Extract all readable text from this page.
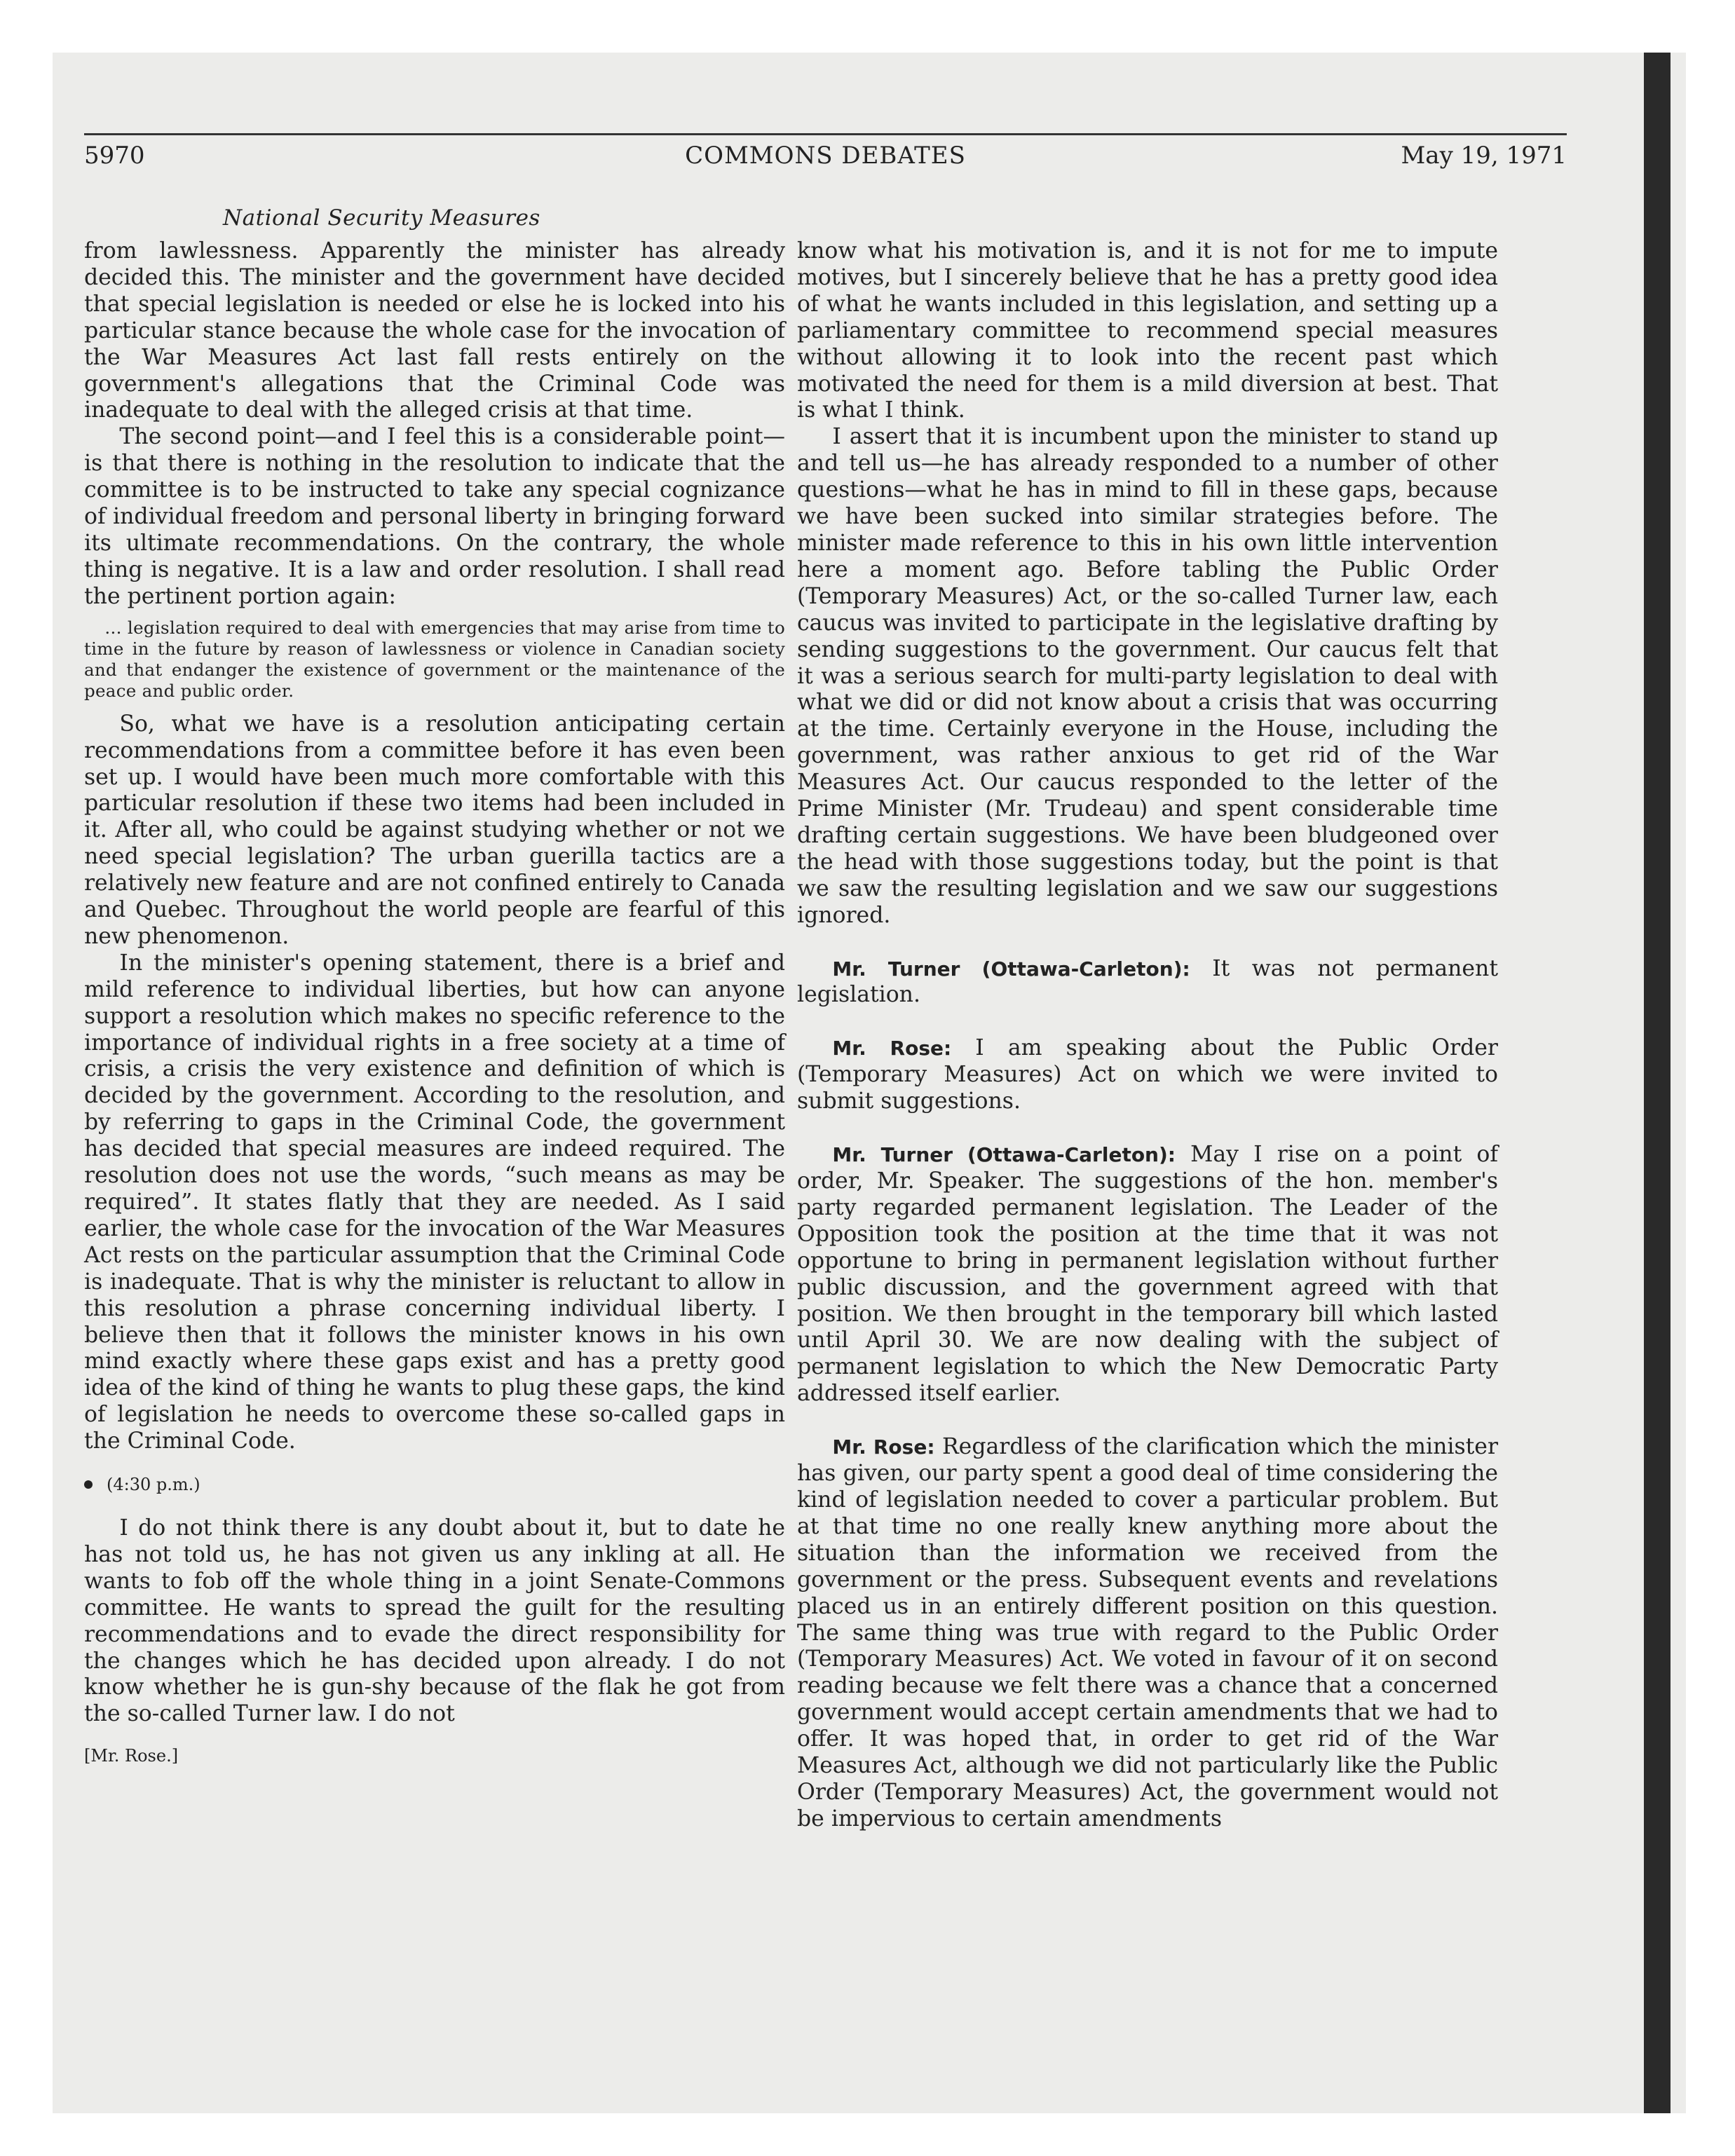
5970	COMMONS DEBATES	May 19, 1971
National Security Measures

from lawlessness. Apparently the minister has already decided this. The minister and the government have decided that special legislation is needed or else he is locked into his particular stance because the whole case for the invocation of the War Measures Act last fall rests entirely on the government's allegations that the Criminal Code was inadequate to deal with the alleged crisis at that time.

The second point—and I feel this is a considerable point—is that there is nothing in the resolution to indicate that the committee is to be instructed to take any special cognizance of individual freedom and personal liberty in bringing forward its ultimate recommendations. On the contrary, the whole thing is negative. It is a law and order resolution. I shall read the pertinent portion again:

... legislation required to deal with emergencies that may arise from time to time in the future by reason of lawlessness or violence in Canadian society and that endanger the existence of government or the maintenance of the peace and public order.

So, what we have is a resolution anticipating certain recommendations from a committee before it has even been set up. I would have been much more comfortable with this particular resolution if these two items had been included in it. After all, who could be against studying whether or not we need special legislation? The urban guerilla tactics are a relatively new feature and are not confined entirely to Canada and Quebec. Throughout the world people are fearful of this new phenomenon.

In the minister's opening statement, there is a brief and mild reference to individual liberties, but how can anyone support a resolution which makes no specific reference to the importance of individual rights in a free society at a time of crisis, a crisis the very existence and definition of which is decided by the government. According to the resolution, and by referring to gaps in the Criminal Code, the government has decided that special measures are indeed required. The resolution does not use the words, “such means as may be required”. It states flatly that they are needed. As I said earlier, the whole case for the invocation of the War Measures Act rests on the particular assumption that the Criminal Code is inadequate. That is why the minister is reluctant to allow in this resolution a phrase concerning individual liberty. I believe then that it follows the minister knows in his own mind exactly where these gaps exist and has a pretty good idea of the kind of thing he wants to plug these gaps, the kind of legislation he needs to overcome these so-called gaps in the Criminal Code.

(4:30 p.m.)

I do not think there is any doubt about it, but to date he has not told us, he has not given us any inkling at all. He wants to fob off the whole thing in a joint Senate-Commons committee. He wants to spread the guilt for the resulting recommendations and to evade the direct responsibility for the changes which he has decided upon already. I do not know whether he is gun-shy because of the flak he got from the so-called Turner law. I do not

[Mr. Rose.]

know what his motivation is, and it is not for me to impute motives, but I sincerely believe that he has a pretty good idea of what he wants included in this legislation, and setting up a parliamentary committee to recommend special measures without allowing it to look into the recent past which motivated the need for them is a mild diversion at best. That is what I think.

I assert that it is incumbent upon the minister to stand up and tell us—he has already responded to a number of other questions—what he has in mind to fill in these gaps, because we have been sucked into similar strategies before. The minister made reference to this in his own little intervention here a moment ago. Before tabling the Public Order (Temporary Measures) Act, or the so-called Turner law, each caucus was invited to participate in the legislative drafting by sending suggestions to the government. Our caucus felt that it was a serious search for multi-party legislation to deal with what we did or did not know about a crisis that was occurring at the time. Certainly everyone in the House, including the government, was rather anxious to get rid of the War Measures Act. Our caucus responded to the letter of the Prime Minister (Mr. Trudeau) and spent considerable time drafting certain suggestions. We have been bludgeoned over the head with those suggestions today, but the point is that we saw the resulting legislation and we saw our suggestions ignored.

Mr. Turner (Ottawa-Carleton): It was not permanent legislation.

Mr. Rose: I am speaking about the Public Order (Temporary Measures) Act on which we were invited to submit suggestions.

Mr. Turner (Ottawa-Carleton): May I rise on a point of order, Mr. Speaker. The suggestions of the hon. member's party regarded permanent legislation. The Leader of the Opposition took the position at the time that it was not opportune to bring in permanent legislation without further public discussion, and the government agreed with that position. We then brought in the temporary bill which lasted until April 30. We are now dealing with the subject of permanent legislation to which the New Democratic Party addressed itself earlier.

Mr. Rose: Regardless of the clarification which the minister has given, our party spent a good deal of time considering the kind of legislation needed to cover a particular problem. But at that time no one really knew anything more about the situation than the information we received from the government or the press. Subsequent events and revelations placed us in an entirely different position on this question. The same thing was true with regard to the Public Order (Temporary Measures) Act. We voted in favour of it on second reading because we felt there was a chance that a concerned government would accept certain amendments that we had to offer. It was hoped that, in order to get rid of the War Measures Act, although we did not particularly like the Public Order (Temporary Measures) Act, the government would not be impervious to certain amendments
